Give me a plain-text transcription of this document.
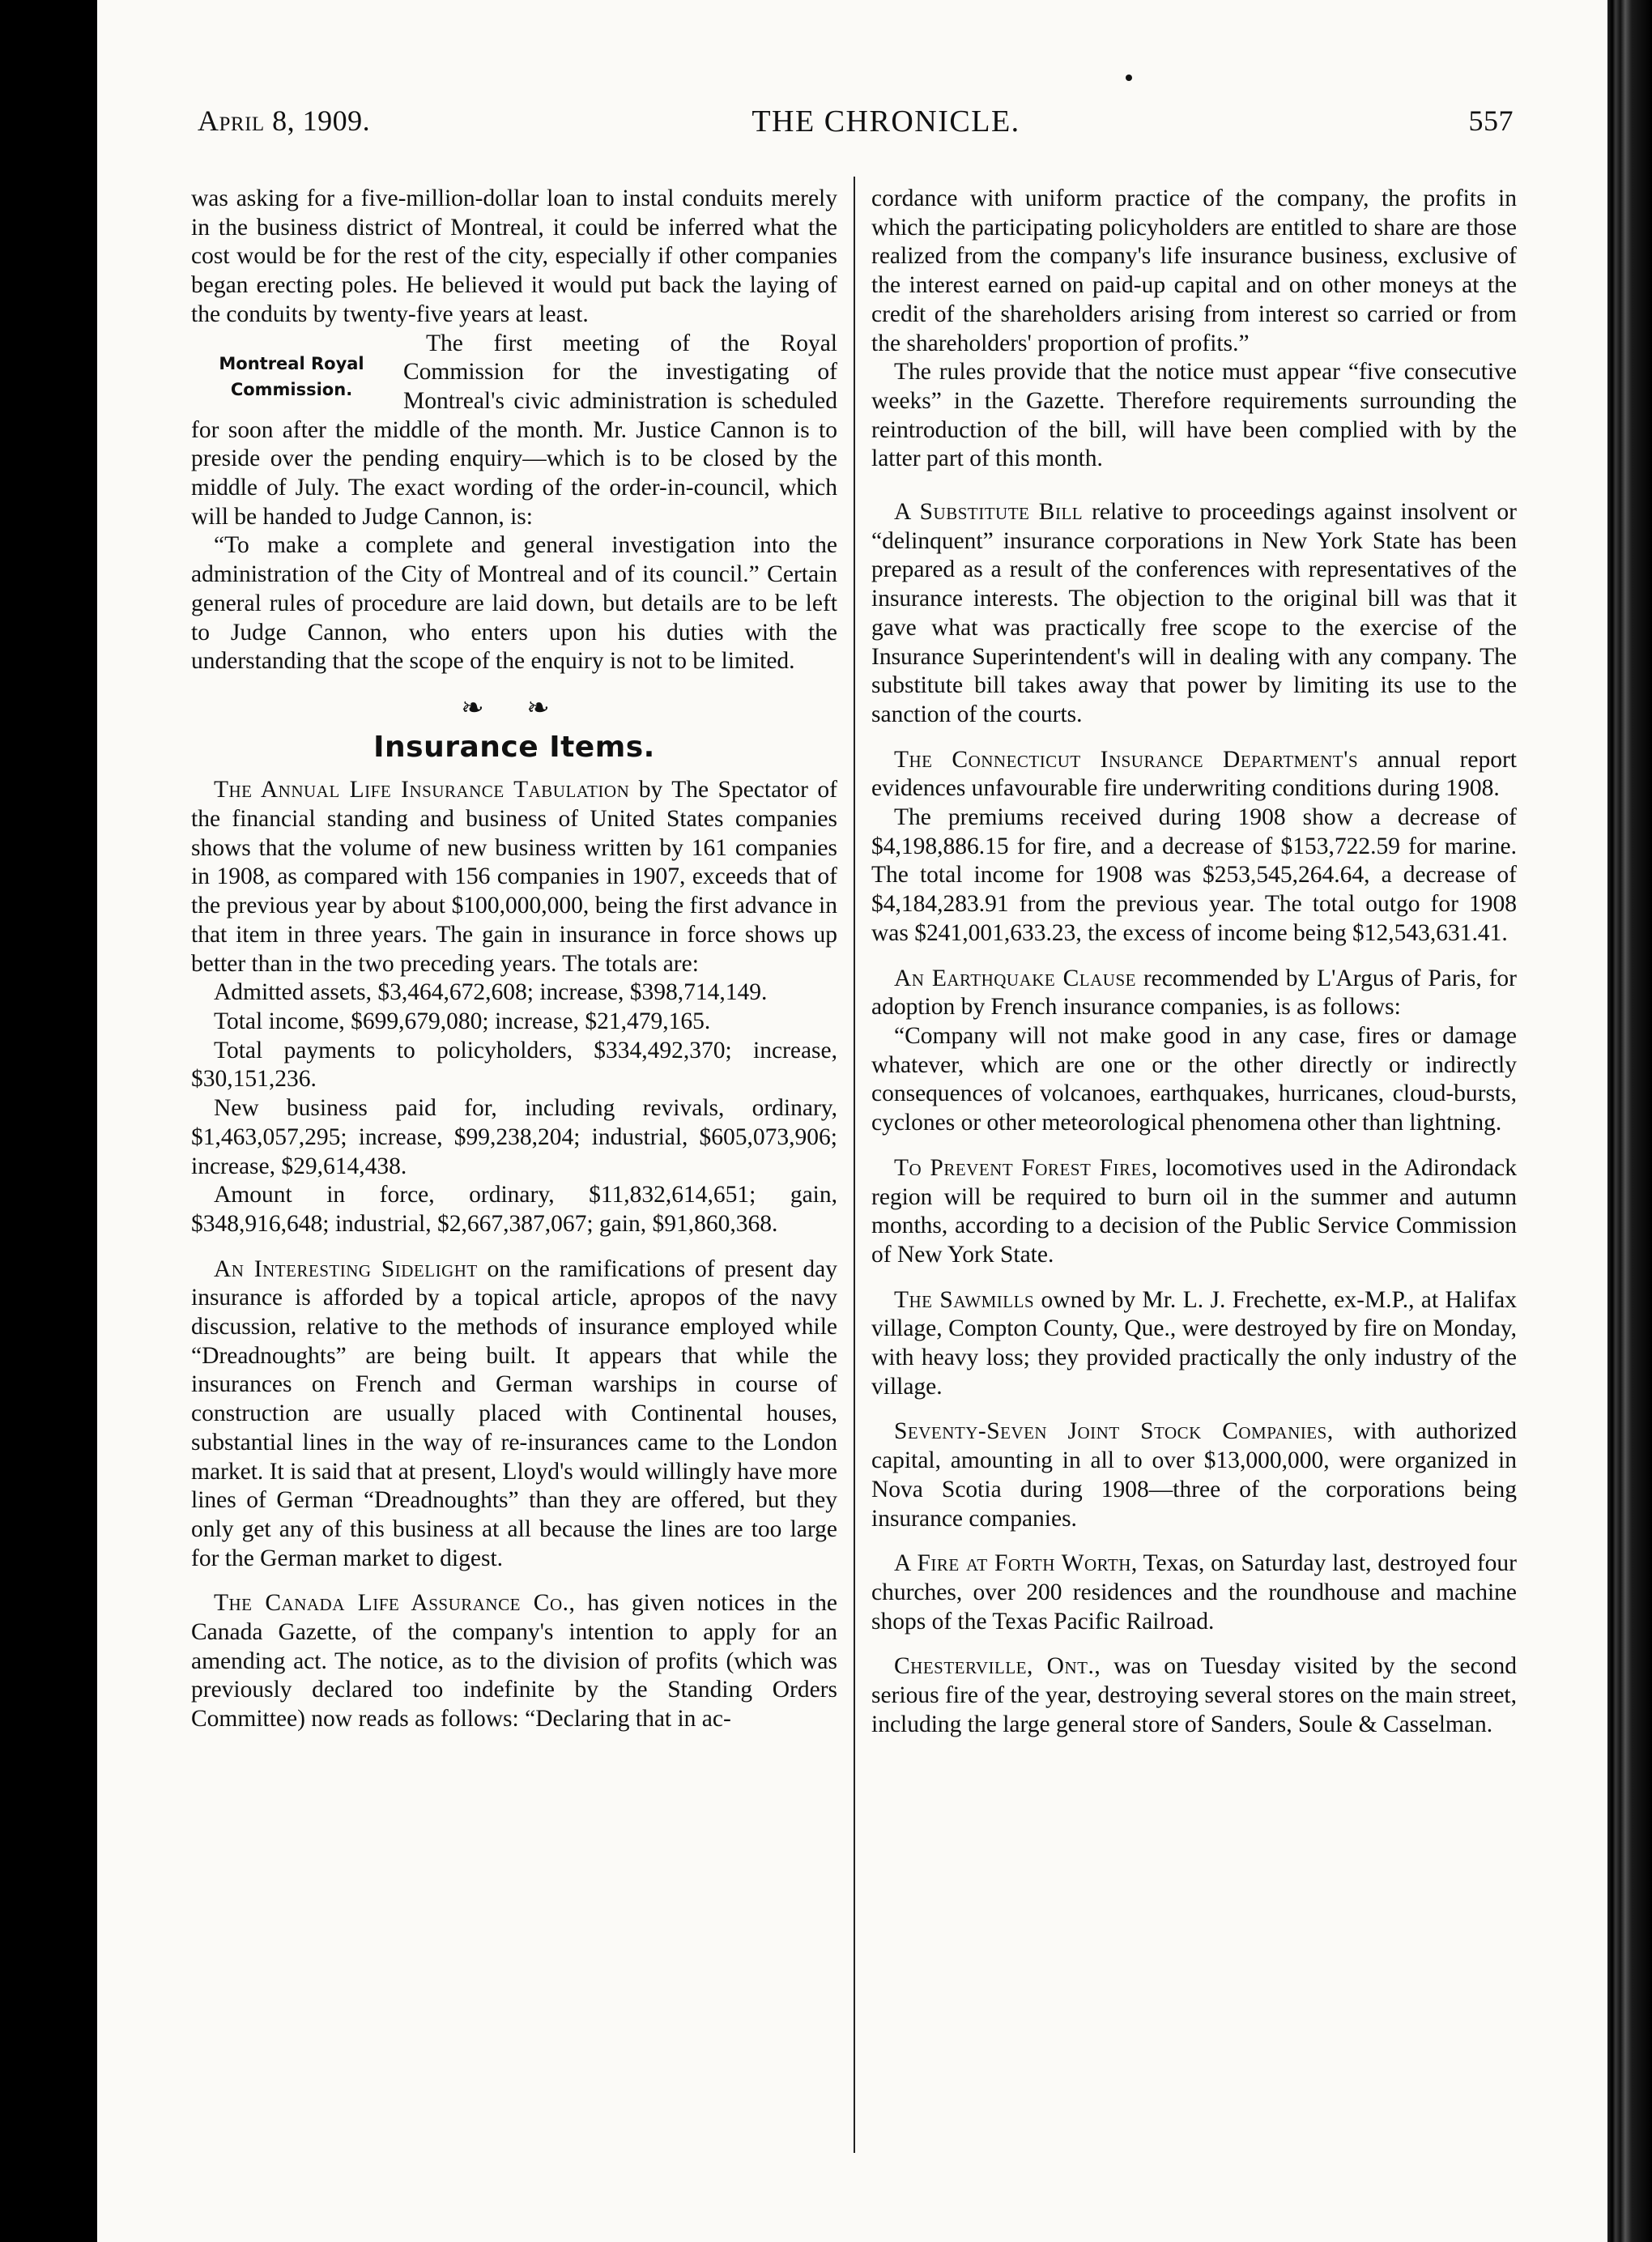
April 8, 1909.	THE CHRONICLE.	557

was asking for a five-million-dollar loan to instal conduits merely in the business district of Montreal, it could be inferred what the cost would be for the rest of the city, especially if other companies began erecting poles. He believed it would put back the laying of the conduits by twenty-five years at least.

Montreal Royal
Commission.

The first meeting of the Royal Commission for the investigating of Montreal's civic administration is scheduled for soon after the middle of the month. Mr. Justice Cannon is to preside over the pending enquiry—which is to be closed by the middle of July. The exact wording of the order-in-council, which will be handed to Judge Cannon, is:

“To make a complete and general investigation into the administration of the City of Montreal and of its council.” Certain general rules of procedure are laid down, but details are to be left to Judge Cannon, who enters upon his duties with the understanding that the scope of the enquiry is not to be limited.

❧ ❧
Insurance Items.

The Annual Life Insurance Tabulation by The Spectator of the financial standing and business of United States companies shows that the volume of new business written by 161 companies in 1908, as compared with 156 companies in 1907, exceeds that of the previous year by about $100,000,000, being the first advance in that item in three years. The gain in insurance in force shows up better than in the two preceding years. The totals are:

Admitted assets, $3,464,672,608; increase, $398,714,149.

Total income, $699,679,080; increase, $21,479,165.

Total payments to policyholders, $334,492,370; increase, $30,151,236.

New business paid for, including revivals, ordinary, $1,463,057,295; increase, $99,238,204; industrial, $605,073,906; increase, $29,614,438.

Amount in force, ordinary, $11,832,614,651; gain, $348,916,648; industrial, $2,667,387,067; gain, $91,860,368.

An Interesting Sidelight on the ramifications of present day insurance is afforded by a topical article, apropos of the navy discussion, relative to the methods of insurance employed while “Dreadnoughts” are being built. It appears that while the insurances on French and German warships in course of construction are usually placed with Continental houses, substantial lines in the way of re-insurances came to the London market. It is said that at present, Lloyd's would willingly have more lines of German “Dreadnoughts” than they are offered, but they only get any of this business at all because the lines are too large for the German market to digest.

The Canada Life Assurance Co., has given notices in the Canada Gazette, of the company's intention to apply for an amending act. The notice, as to the division of profits (which was previously declared too indefinite by the Standing Orders Committee) now reads as follows: “Declaring that in ac-

cordance with uniform practice of the company, the profits in which the participating policyholders are entitled to share are those realized from the company's life insurance business, exclusive of the interest earned on paid-up capital and on other moneys at the credit of the shareholders arising from interest so carried or from the shareholders' proportion of profits.”

The rules provide that the notice must appear “five consecutive weeks” in the Gazette. Therefore requirements surrounding the reintroduction of the bill, will have been complied with by the latter part of this month.

A Substitute Bill relative to proceedings against insolvent or “delinquent” insurance corporations in New York State has been prepared as a result of the conferences with representatives of the insurance interests. The objection to the original bill was that it gave what was practically free scope to the exercise of the Insurance Superintendent's will in dealing with any company. The substitute bill takes away that power by limiting its use to the sanction of the courts.

The Connecticut Insurance Department's annual report evidences unfavourable fire underwriting conditions during 1908.

The premiums received during 1908 show a decrease of $4,198,886.15 for fire, and a decrease of $153,722.59 for marine. The total income for 1908 was $253,545,264.64, a decrease of $4,184,283.91 from the previous year. The total outgo for 1908 was $241,001,633.23, the excess of income being $12,543,631.41.

An Earthquake Clause recommended by L'Argus of Paris, for adoption by French insurance companies, is as follows:

“Company will not make good in any case, fires or damage whatever, which are one or the other directly or indirectly consequences of volcanoes, earthquakes, hurricanes, cloud-bursts, cyclones or other meteorological phenomena other than lightning.

To Prevent Forest Fires, locomotives used in the Adirondack region will be required to burn oil in the summer and autumn months, according to a decision of the Public Service Commission of New York State.

The Sawmills owned by Mr. L. J. Frechette, ex-M.P., at Halifax village, Compton County, Que., were destroyed by fire on Monday, with heavy loss; they provided practically the only industry of the village.

Seventy-Seven Joint Stock Companies, with authorized capital, amounting in all to over $13,000,000, were organized in Nova Scotia during 1908—three of the corporations being insurance companies.

A Fire at Forth Worth, Texas, on Saturday last, destroyed four churches, over 200 residences and the roundhouse and machine shops of the Texas Pacific Railroad.

Chesterville, Ont., was on Tuesday visited by the second serious fire of the year, destroying several stores on the main street, including the large general store of Sanders, Soule & Casselman.
